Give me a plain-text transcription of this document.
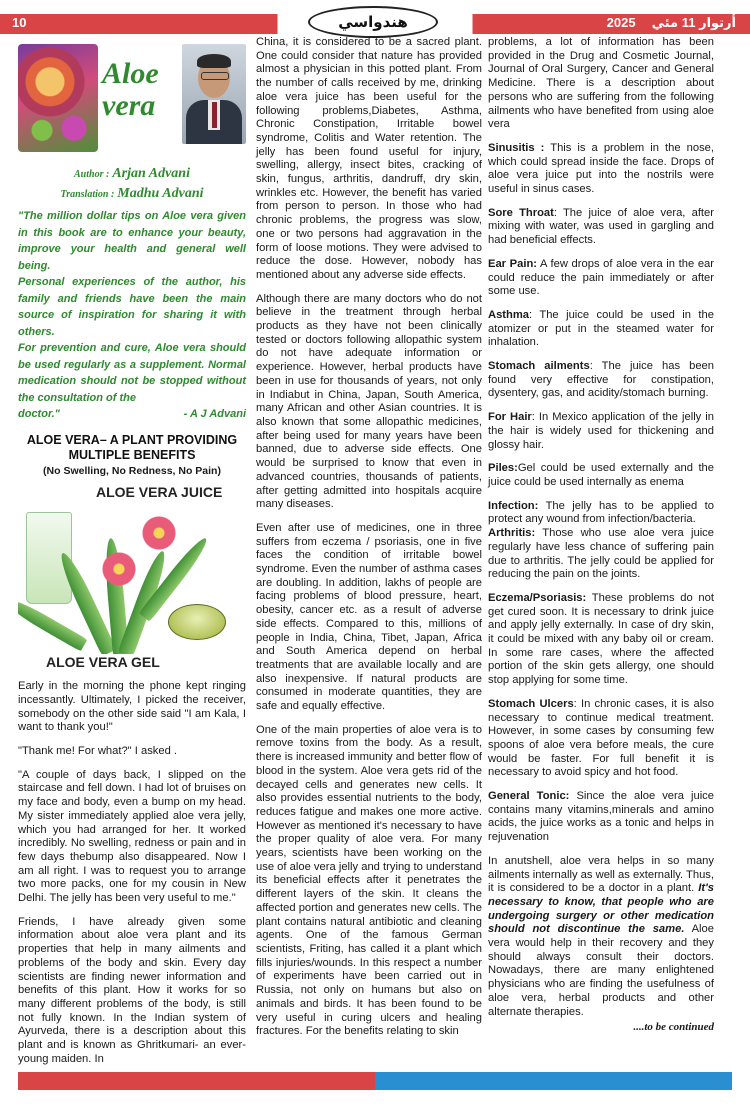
10	هندواسي	2025 أرتوار 11 مئي
Aloe vera
Author : Arjan Advani
Translation : Madhu Advani

"The million dollar tips on Aloe vera given in this book are to enhance your beauty, improve your health and general well being.

Personal experiences of the author, his family and friends have been the main source of inspiration for sharing it with others.

For prevention and cure, Aloe vera should be used regularly as a supplement. Normal medication should not be stopped without the consultation of the

doctor."	- A J Advani
ALOE VERA– A PLANT PROVIDING MULTIPLE BENEFITS
(No Swelling, No Redness, No Pain)
ALOE VERA JUICE
ALOE VERA GEL

Early in the morning the phone kept ringing incessantly. Ultimately, I picked the receiver, somebody on the other side said "I am Kala, I want to thank you!"

"Thank me! For what?" I asked .

"A couple of days back, I slipped on the staircase and fell down. I had lot of bruises on my face and body, even a bump on my head. My sister immediately applied aloe vera jelly, which you had arranged for her. It worked incredibly. No swelling, redness or pain and in few days thebump also disappeared. Now I am all right. I was to request you to arrange two more packs, one for my cousin in New Delhi. The jelly has been very useful to me."

Friends, I have already given some information about aloe vera plant and its properties that help in many ailments and problems of the body and skin. Every day scientists are finding newer information and benefits of this plant. How it works for so many different problems of the body, is still not fully known. In the Indian system of Ayurveda, there is a description about this plant and is known as Ghritkumari- an ever-young maiden. In

China, it is considered to be a sacred plant. One could consider that nature has provided almost a physician in this potted plant. From the number of calls received by me, drinking aloe vera juice has been useful for the following problems,Diabetes, Asthma, Chronic Constipation, Irritable bowel syndrome, Colitis and Water retention. The jelly has been found useful for injury, swelling, allergy, insect bites, cracking of skin, fungus, arthritis, dandruff, dry skin, wrinkles etc. However, the benefit has varied from person to person. In those who had chronic problems, the progress was slow, one or two persons had aggravation in the form of loose motions. They were advised to reduce the dose. However, nobody has mentioned about any adverse side effects.

Although there are many doctors who do not believe in the treatment through herbal products as they have not been clinically tested or doctors following allopathic system do not have adequate information or experience. However, herbal products have been in use for thousands of years, not only in Indiabut in China, Japan, South America, many African and other Asian countries. It is also known that some allopathic medicines, after being used for many years have been banned, due to adverse side effects. One would be surprised to know that even in advanced countries, thousands of patients, after getting admitted into hospitals acquire many diseases.

Even after use of medicines, one in three suffers from eczema / psoriasis, one in five faces the condition of irritable bowel syndrome. Even the number of asthma cases are doubling. In addition, lakhs of people are facing problems of blood pressure, heart, obesity, cancer etc. as a result of adverse side effects. Compared to this, millions of people in India, China, Tibet, Japan, Africa and South America depend on herbal treatments that are available locally and are also inexpensive. If natural products are consumed in moderate quantities, they are safe and equally effective.

One of the main properties of aloe vera is to remove toxins from the body. As a result, there is increased immunity and better flow of blood in the system. Aloe vera gets rid of the decayed cells and generates new cells. It also provides essential nutrients to the body, reduces fatigue and makes one more active. However as mentioned it's necessary to have the proper quality of aloe vera. For many years, scientists have been working on the use of aloe vera jelly and trying to understand its beneficial effects after it penetrates the different layers of the skin. It cleans the affected portion and generates new cells. The plant contains natural antibiotic and cleaning agents. One of the famous German scientists, Friting, has called it a plant which fills injuries/wounds. In this respect a number of experiments have been carried out in Russia, not only on humans but also on animals and birds. It has been found to be very useful in curing ulcers and healing fractures. For the benefits relating to skin

problems, a lot of information has been provided in the Drug and Cosmetic Journal, Journal of Oral Surgery, Cancer and General Medicine. There is a description about persons who are suffering from the following ailments who have benefited from using aloe vera

Sinusitis : This is a problem in the nose, which could spread inside the face. Drops of aloe vera juice put into the nostrils were useful in sinus cases.

Sore Throat: The juice of aloe vera, after mixing with water, was used in gargling and had beneficial effects.

Ear Pain: A few drops of aloe vera in the ear could reduce the pain immediately or after some use.

Asthma: The juice could be used in the atomizer or put in the steamed water for inhalation.

Stomach ailments: The juice has been found very effective for constipation, dysentery, gas, and acidity/stomach burning.

For Hair: In Mexico application of the jelly in the hair is widely used for thickening and glossy hair.

Piles:Gel could be used externally and the juice could be used internally as enema

Infection: The jelly has to be applied to protect any wound from infection/bacteria.

Arthritis: Those who use aloe vera juice regularly have less chance of suffering pain due to arthritis. The jelly could be applied for reducing the pain on the joints.

Eczema/Psoriasis: These problems do not get cured soon. It is necessary to drink juice and apply jelly externally. In case of dry skin, it could be mixed with any baby oil or cream. In some rare cases, where the affected portion of the skin gets allergy, one should stop applying for some time.

Stomach Ulcers: In chronic cases, it is also necessary to continue medical treatment. However, in some cases by consuming few spoons of aloe vera before meals, the cure would be faster. For full benefit it is necessary to avoid spicy and hot food.

General Tonic: Since the aloe vera juice contains many vitamins,minerals and amino acids, the juice works as a tonic and helps in rejuvenation

In anutshell, aloe vera helps in so many ailments internally as well as externally. Thus, it is considered to be a doctor in a plant. It's necessary to know, that people who are undergoing surgery or other medication should not discontinue the same. Aloe vera would help in their recovery and they should always consult their doctors. Nowadays, there are many enlightened physicians who are finding the usefulness of aloe vera, herbal products and other alternate therapies.

....to be continued
